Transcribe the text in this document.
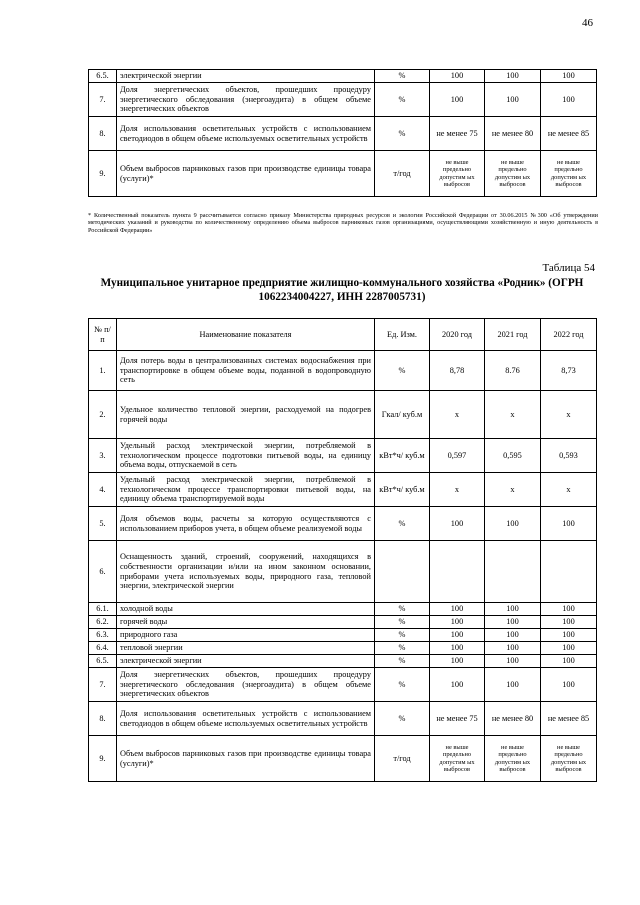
46
6.5.	электрической энергии	%	100	100	100
7.	Доля энергетических объектов, прошедших процедуру энергетического обследования (энергоаудита) в общем объеме энергетических объектов	%	100	100	100
8.	Доля использования осветительных устройств с использованием светодиодов в общем объеме используемых осветительных устройств	%	не менее 75	не менее 80	не менее 85
9.	Объем выбросов парниковых газов при производстве единицы товара (услуги)*	т/год	не выше предельно допустим ых выбросов	не выше предельно допустим ых выбросов	не выше предельно допустим ых выбросов
* Количественный показатель пункта 9 рассчитывается согласно приказу Министерства природных ресурсов и экологии Российской Федерации от 30.06.2015 №300 «Об утверждении методических указаний и руководства по количественному определению объема выбросов парниковых газов организациями, осуществляющими хозяйственную и иную деятельность в Российской Федерации»
Таблица 54
Муниципальное унитарное предприятие жилищно-коммунального хозяйства «Родник» (ОГРН 1062234004227, ИНН 2287005731)
№ п/п	Наименование показателя	Ед. Изм.	2020 год	2021 год	2022 год
1.	Доля потерь воды в централизованных системах водоснабжения при транспортировке в общем объеме воды, поданной в водопроводную сеть	%	8,78	8.76	8,73
2.	Удельное количество тепловой энергии, расходуемой на подогрев горячей воды	Гкал/ куб.м	х	х	х
3.	Удельный расход электрической энергии, потребляемой в технологическом процессе подготовки питьевой воды, на единицу объема воды, отпускаемой в сеть	кВт*ч/ куб.м	0,597	0,595	0,593
4.	Удельный расход электрической энергии, потребляемой в технологическом процессе транспортировки питьевой воды, на единицу объема транспортируемой воды	кВт*ч/ куб.м	х	х	х
5.	Доля объемов воды, расчеты за которую осуществляются с использованием приборов учета, в общем объеме реализуемой воды	%	100	100	100
6.	Оснащенность зданий, строений, сооружений, находящихся в собственности организации и/или на ином законном основании, приборами учета используемых воды, природного газа, тепловой энергии, электрической энергии				
6.1.	холодной воды	%	100	100	100
6.2.	горячей воды	%	100	100	100
6.3.	природного газа	%	100	100	100
6.4.	тепловой энергии	%	100	100	100
6.5.	электрической энергии	%	100	100	100
7.	Доля энергетических объектов, прошедших процедуру энергетического обследования (энергоаудита) в общем объеме энергетических объектов	%	100	100	100
8.	Доля использования осветительных устройств с использованием светодиодов в общем объеме используемых осветительных устройств	%	не менее 75	не менее 80	не менее 85
9.	Объем выбросов парниковых газов при производстве единицы товара (услуги)*	т/год	не выше предельно допустим ых выбросов	не выше предельно допустим ых выбросов	не выше предельно допустим ых выбросов
